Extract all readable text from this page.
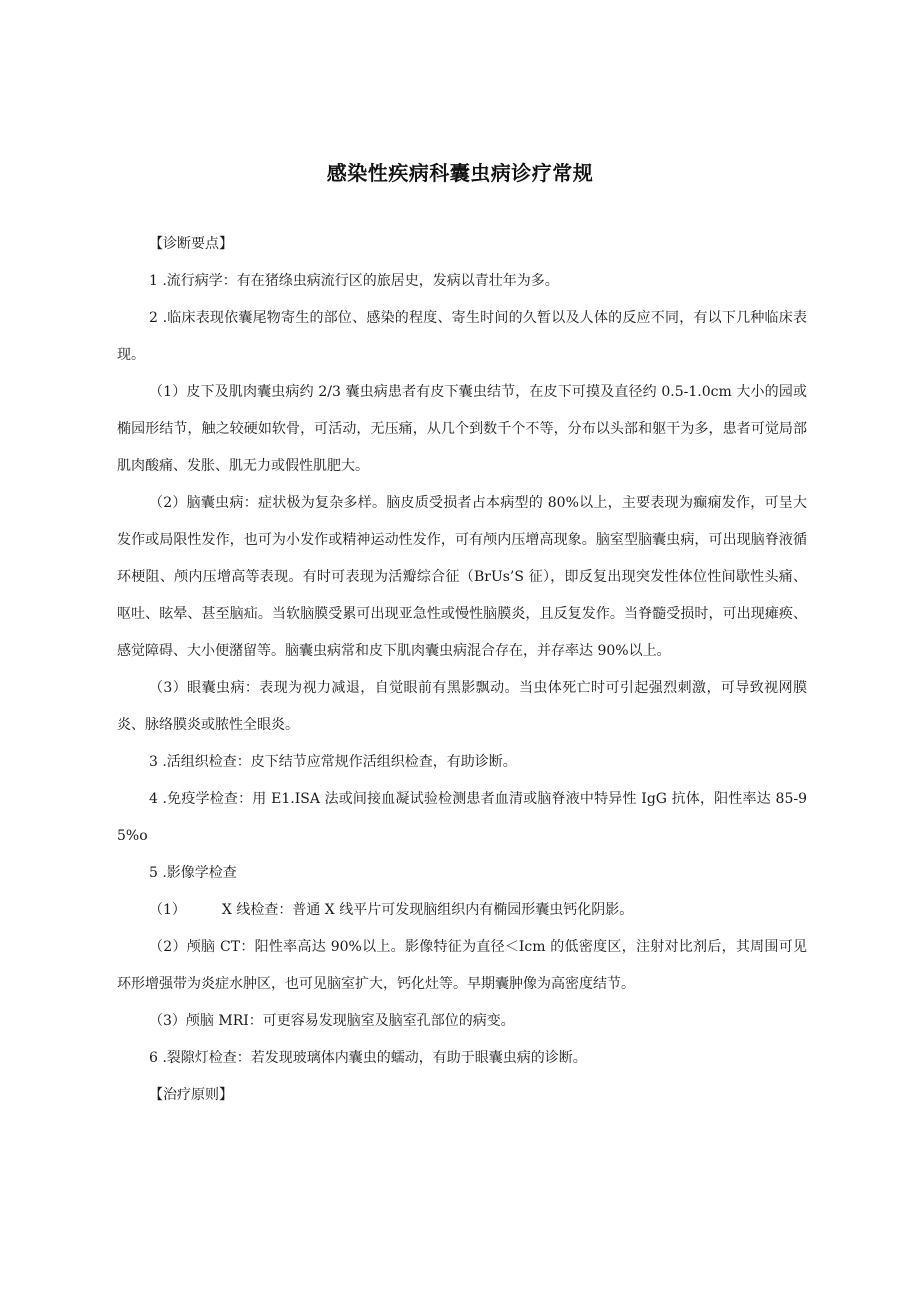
感染性疾病科囊虫病诊疗常规

【诊断要点】

1 .流行病学：有在猪绦虫病流行区的旅居史，发病以青壮年为多。

2 .临床表现依囊尾物寄生的部位、感染的程度、寄生时间的久暂以及人体的反应不同，有以下几种临床表现。

（1）皮下及肌肉囊虫病约 2/3 囊虫病患者有皮下囊虫结节，在皮下可摸及直径约 0.5-1.0cm 大小的园或椭园形结节，触之较硬如软骨，可活动，无压痛，从几个到数千个不等，分布以头部和躯干为多，患者可觉局部肌肉酸痛、发胀、肌无力或假性肌肥大。

（2）脑囊虫病：症状极为复杂多样。脑皮质受损者占本病型的 80%以上，主要表现为癫痫发作，可呈大发作或局限性发作，也可为小发作或精神运动性发作，可有颅内压增高现象。脑室型脑囊虫病，可出现脑脊液循环梗阻、颅内压增高等表现。有时可表现为活瓣综合征（BrUs’S 征），即反复出现突发性体位性间歇性头痛、呕吐、眩晕、甚至脑疝。当软脑膜受累可出现亚急性或慢性脑膜炎，且反复发作。当脊髓受损时，可出现瘫痪、感觉障碍、大小便潴留等。脑囊虫病常和皮下肌肉囊虫病混合存在，并存率达 90%以上。

（3）眼囊虫病：表现为视力减退，自觉眼前有黑影飘动。当虫体死亡时可引起强烈刺激，可导致视网膜炎、脉络膜炎或脓性全眼炎。

3 .活组织检查：皮下结节应常规作活组织检查，有助诊断。

4 .免疫学检查：用 E1.ISA 法或间接血凝试验检测患者血清或脑脊液中特异性 IgG 抗体，阳性率达 85-95%o

5 .影像学检查

（1）	X 线检查：普通 X 线平片可发现脑组织内有椭园形囊虫钙化阴影。

（2）颅脑 CT：阳性率高达 90%以上。影像特征为直径＜Icm 的低密度区，注射对比剂后，其周围可见环形增强带为炎症水肿区，也可见脑室扩大，钙化灶等。早期囊肿像为高密度结节。

（3）颅脑 MRI：可更容易发现脑室及脑室孔部位的病变。

6 .裂隙灯检查：若发现玻璃体内囊虫的蠕动，有助于眼囊虫病的诊断。

【治疗原则】
